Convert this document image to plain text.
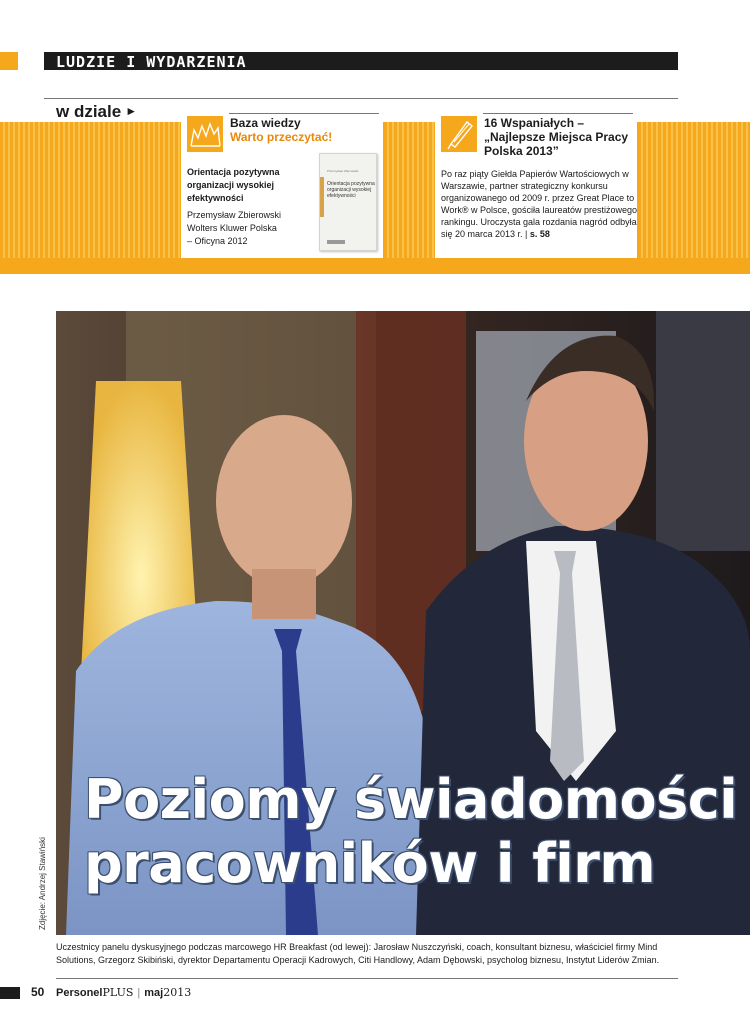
LUDZIE I WYDARZENIA
w dziale ►
Baza wiedzy
Warto przeczytać!
Orientacja pozytywna organizacji wysokiej efektywności
Przemysław Zbierowski
Wolters Kluwer Polska
– Oficyna 2012
Przemysław Zbierowski
Orientacja pozytywna organizacji wysokiej efektywności
16 Wspaniałych – „Najlepsze Miejsca Pracy Polska 2013”
Po raz piąty Giełda Papierów Wartościowych w Warszawie, partner strategiczny konkursu organizowanego od 2009 r. przez Great Place to Work® w Polsce, gościła laureatów prestiżowego rankingu. Uroczysta gala rozdania nagród odbyła się 20 marca 2013 r. | s. 58
Poziomy świadomości
pracowników i firm
Zdjęcie: Andrzej Stawiński
Uczestnicy panelu dyskusyjnego podczas marcowego HR Breakfast (od lewej): Jarosław Nuszczyński, coach, konsultant biznesu, właściciel firmy Mind Solutions, Grzegorz Skibiński, dyrektor Departamentu Operacji Kadrowych, Citi Handlowy, Adam Dębowski, psycholog biznesu, Instytut Liderów Zmian.
50 PersonelPLUS | maj2013
